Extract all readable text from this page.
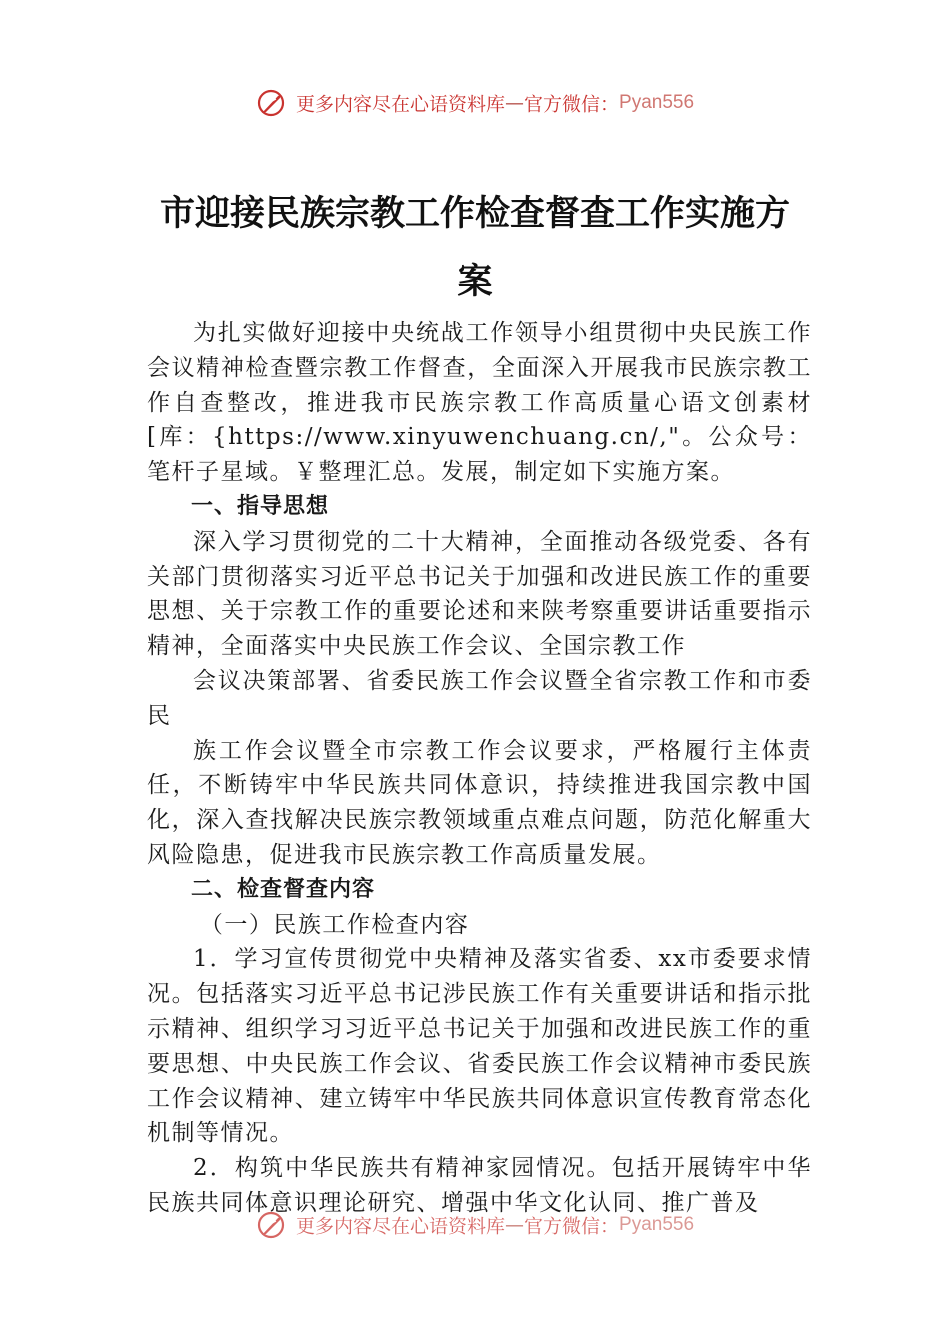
更多内容尽在心语资料库—官方微信：Pyan556
市迎接民族宗教工作检查督查工作实施方
案

为扎实做好迎接中央统战工作领导小组贯彻中央民族工作会议精神检查暨宗教工作督查，全面深入开展我市民族宗教工作自查整改，推进我市民族宗教工作高质量心语文创素材[库：{https://www.xinyuwenchuang.cn/,"。公众号：笔杆子星域。￥整理汇总。发展，制定如下实施方案。

一、指导思想

深入学习贯彻党的二十大精神，全面推动各级党委、各有关部门贯彻落实习近平总书记关于加强和改进民族工作的重要思想、关于宗教工作的重要论述和来陕考察重要讲话重要指示精神，全面落实中央民族工作会议、全国宗教工作

会议决策部署、省委民族工作会议暨全省宗教工作和市委民

族工作会议暨全市宗教工作会议要求，严格履行主体责任，不断铸牢中华民族共同体意识，持续推进我国宗教中国化，深入查找解决民族宗教领域重点难点问题，防范化解重大风险隐患，促进我市民族宗教工作高质量发展。

二、检查督查内容
（一）民族工作检查内容

1．学习宣传贯彻党中央精神及落实省委、xx市委要求情况。包括落实习近平总书记涉民族工作有关重要讲话和指示批示精神、组织学习习近平总书记关于加强和改进民族工作的重要思想、中央民族工作会议、省委民族工作会议精神市委民族工作会议精神、建立铸牢中华民族共同体意识宣传教育常态化机制等情况。

2．构筑中华民族共有精神家园情况。包括开展铸牢中华民族共同体意识理论研究、增强中华文化认同、推广普及

更多内容尽在心语资料库—官方微信：Pyan556
